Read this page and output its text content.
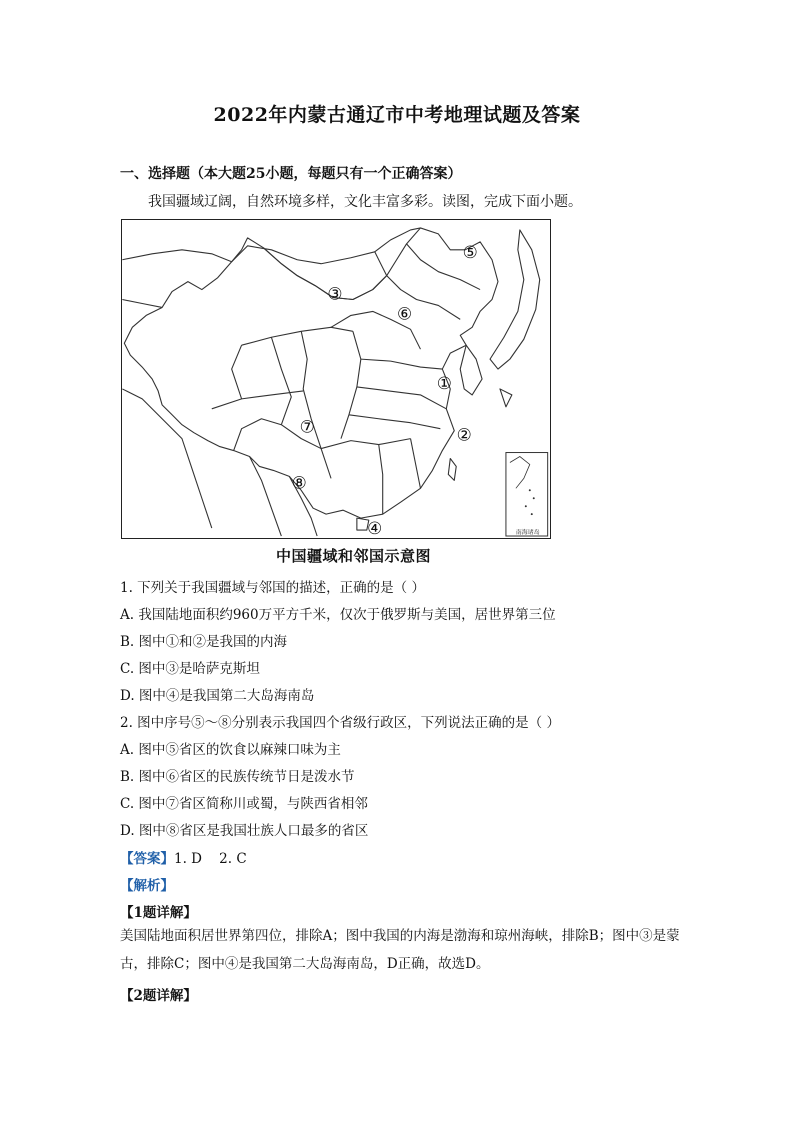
2022年内蒙古通辽市中考地理试题及答案
一、选择题（本大题25小题，每题只有一个正确答案）
我国疆域辽阔，自然环境多样，文化丰富多彩。读图，完成下面小题。
南海诸岛
①
②
③
④
⑤
⑥
⑦
⑧
中国疆域和邻国示意图
1. 下列关于我国疆域与邻国的描述，正确的是（ ）
A. 我国陆地面积约960万平方千米，仅次于俄罗斯与美国，居世界第三位
B. 图中①和②是我国的内海
C. 图中③是哈萨克斯坦
D. 图中④是我国第二大岛海南岛
2. 图中序号⑤～⑧分别表示我国四个省级行政区，下列说法正确的是（ ）
A. 图中⑤省区的饮食以麻辣口味为主
B. 图中⑥省区的民族传统节日是泼水节
C. 图中⑦省区简称川或蜀，与陕西省相邻
D. 图中⑧省区是我国壮族人口最多的省区
【答案】1. D    2. C
【解析】
【1题详解】
美国陆地面积居世界第四位，排除A；图中我国的内海是渤海和琼州海峡，排除B；图中③是蒙古，排除C；图中④是我国第二大岛海南岛，D正确，故选D。
【2题详解】
